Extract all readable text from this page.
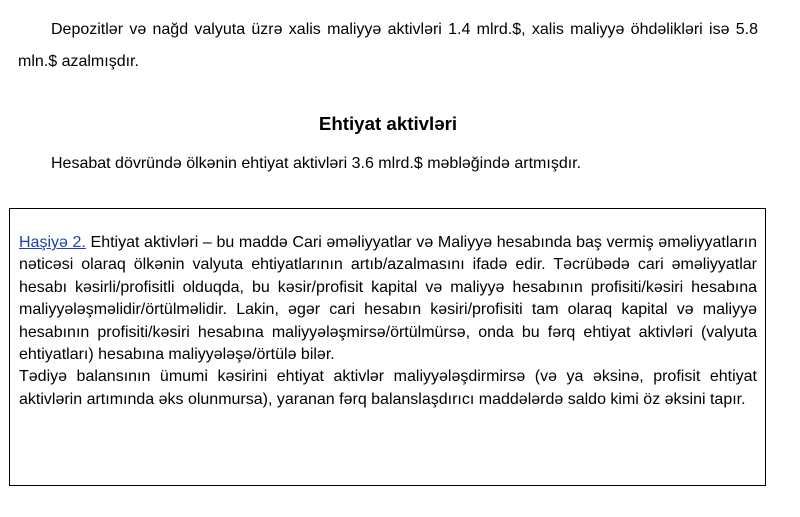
Depozitlər və nağd valyuta üzrə xalis maliyyə aktivləri 1.4 mlrd.$, xalis maliyyə öhdəlikləri isə 5.8 mln.$ azalmışdır.

Ehtiyat aktivləri

Hesabat dövründə ölkənin ehtiyat aktivləri 3.6 mlrd.$ məbləğində artmışdır.

Haşiyə 2. Ehtiyat aktivləri – bu maddə Cari əməliyyatlar və Maliyyə hesabında baş vermiş əməliyyatların nəticəsi olaraq ölkənin valyuta ehtiyatlarının artıb/azalmasını ifadə edir. Təcrübədə cari əməliyyatlar hesabı kəsirli/profisitli olduqda, bu kəsir/profisit kapital və maliyyə hesabının profisiti/kəsiri hesabına maliyyələşməlidir/örtülməlidir. Lakin, əgər cari hesabın kəsiri/profisiti tam olaraq kapital və maliyyə hesabının profisiti/kəsiri hesabına maliyyələşmirsə/örtülmürsə, onda bu fərq ehtiyat aktivləri (valyuta ehtiyatları) hesabına maliyyələşə/örtülə bilər.

Tədiyə balansının ümumi kəsirini ehtiyat aktivlər maliyyələşdirmirsə (və ya əksinə, profisit ehtiyat aktivlərin artımında əks olunmursa), yaranan fərq balanslaşdırıcı maddələrdə saldo kimi öz əksini tapır.
